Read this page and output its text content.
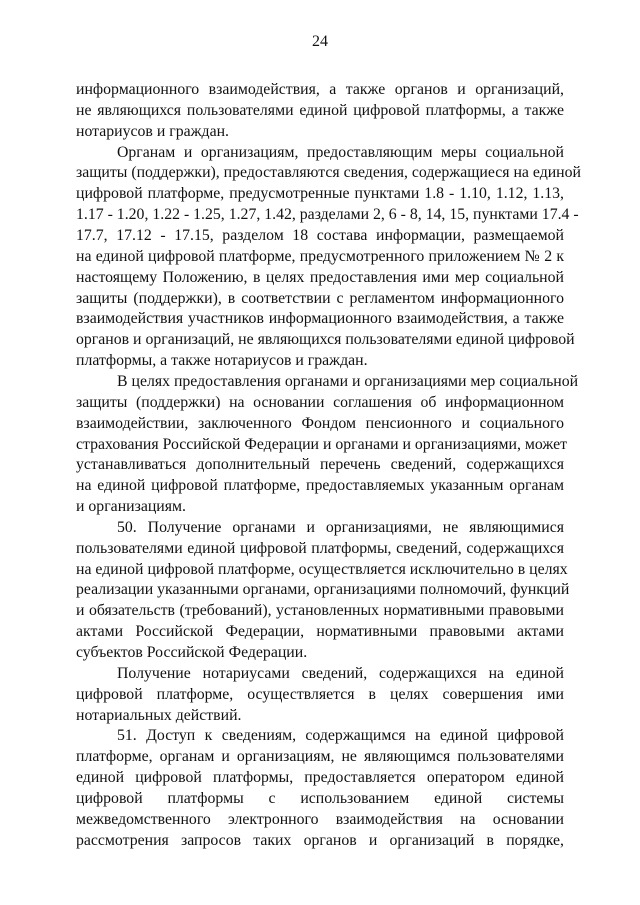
24
информационного взаимодействия, а также органов и организаций,
не являющихся пользователями единой цифровой платформы, а также
нотариусов и граждан.
Органам и организациям, предоставляющим меры социальной
защиты (поддержки), предоставляются сведения, содержащиеся на единой
цифровой платформе, предусмотренные пунктами 1.8 - 1.10, 1.12, 1.13,
1.17 - 1.20, 1.22 - 1.25, 1.27, 1.42, разделами 2, 6 - 8, 14, 15, пунктами 17.4 -
17.7, 17.12 - 17.15, разделом 18 состава информации, размещаемой
на единой цифровой платформе, предусмотренного приложением № 2 к
настоящему Положению, в целях предоставления ими мер социальной
защиты (поддержки), в соответствии с регламентом информационного
взаимодействия участников информационного взаимодействия, а также
органов и организаций, не являющихся пользователями единой цифровой
платформы, а также нотариусов и граждан.
В целях предоставления органами и организациями мер социальной
защиты (поддержки) на основании соглашения об информационном
взаимодействии, заключенного Фондом пенсионного и социального
страхования Российской Федерации и органами и организациями, может
устанавливаться дополнительный перечень сведений, содержащихся
на единой цифровой платформе, предоставляемых указанным органам
и организациям.
50. Получение органами и организациями, не являющимися
пользователями единой цифровой платформы, сведений, содержащихся
на единой цифровой платформе, осуществляется исключительно в целях
реализации указанными органами, организациями полномочий, функций
и обязательств (требований), установленных нормативными правовыми
актами Российской Федерации, нормативными правовыми актами
субъектов Российской Федерации.
Получение нотариусами сведений, содержащихся на единой
цифровой платформе, осуществляется в целях совершения ими
нотариальных действий.
51. Доступ к сведениям, содержащимся на единой цифровой
платформе, органам и организациям, не являющимся пользователями
единой цифровой платформы, предоставляется оператором единой
цифровой платформы с использованием единой системы
межведомственного электронного взаимодействия на основании
рассмотрения запросов таких органов и организаций в порядке,
